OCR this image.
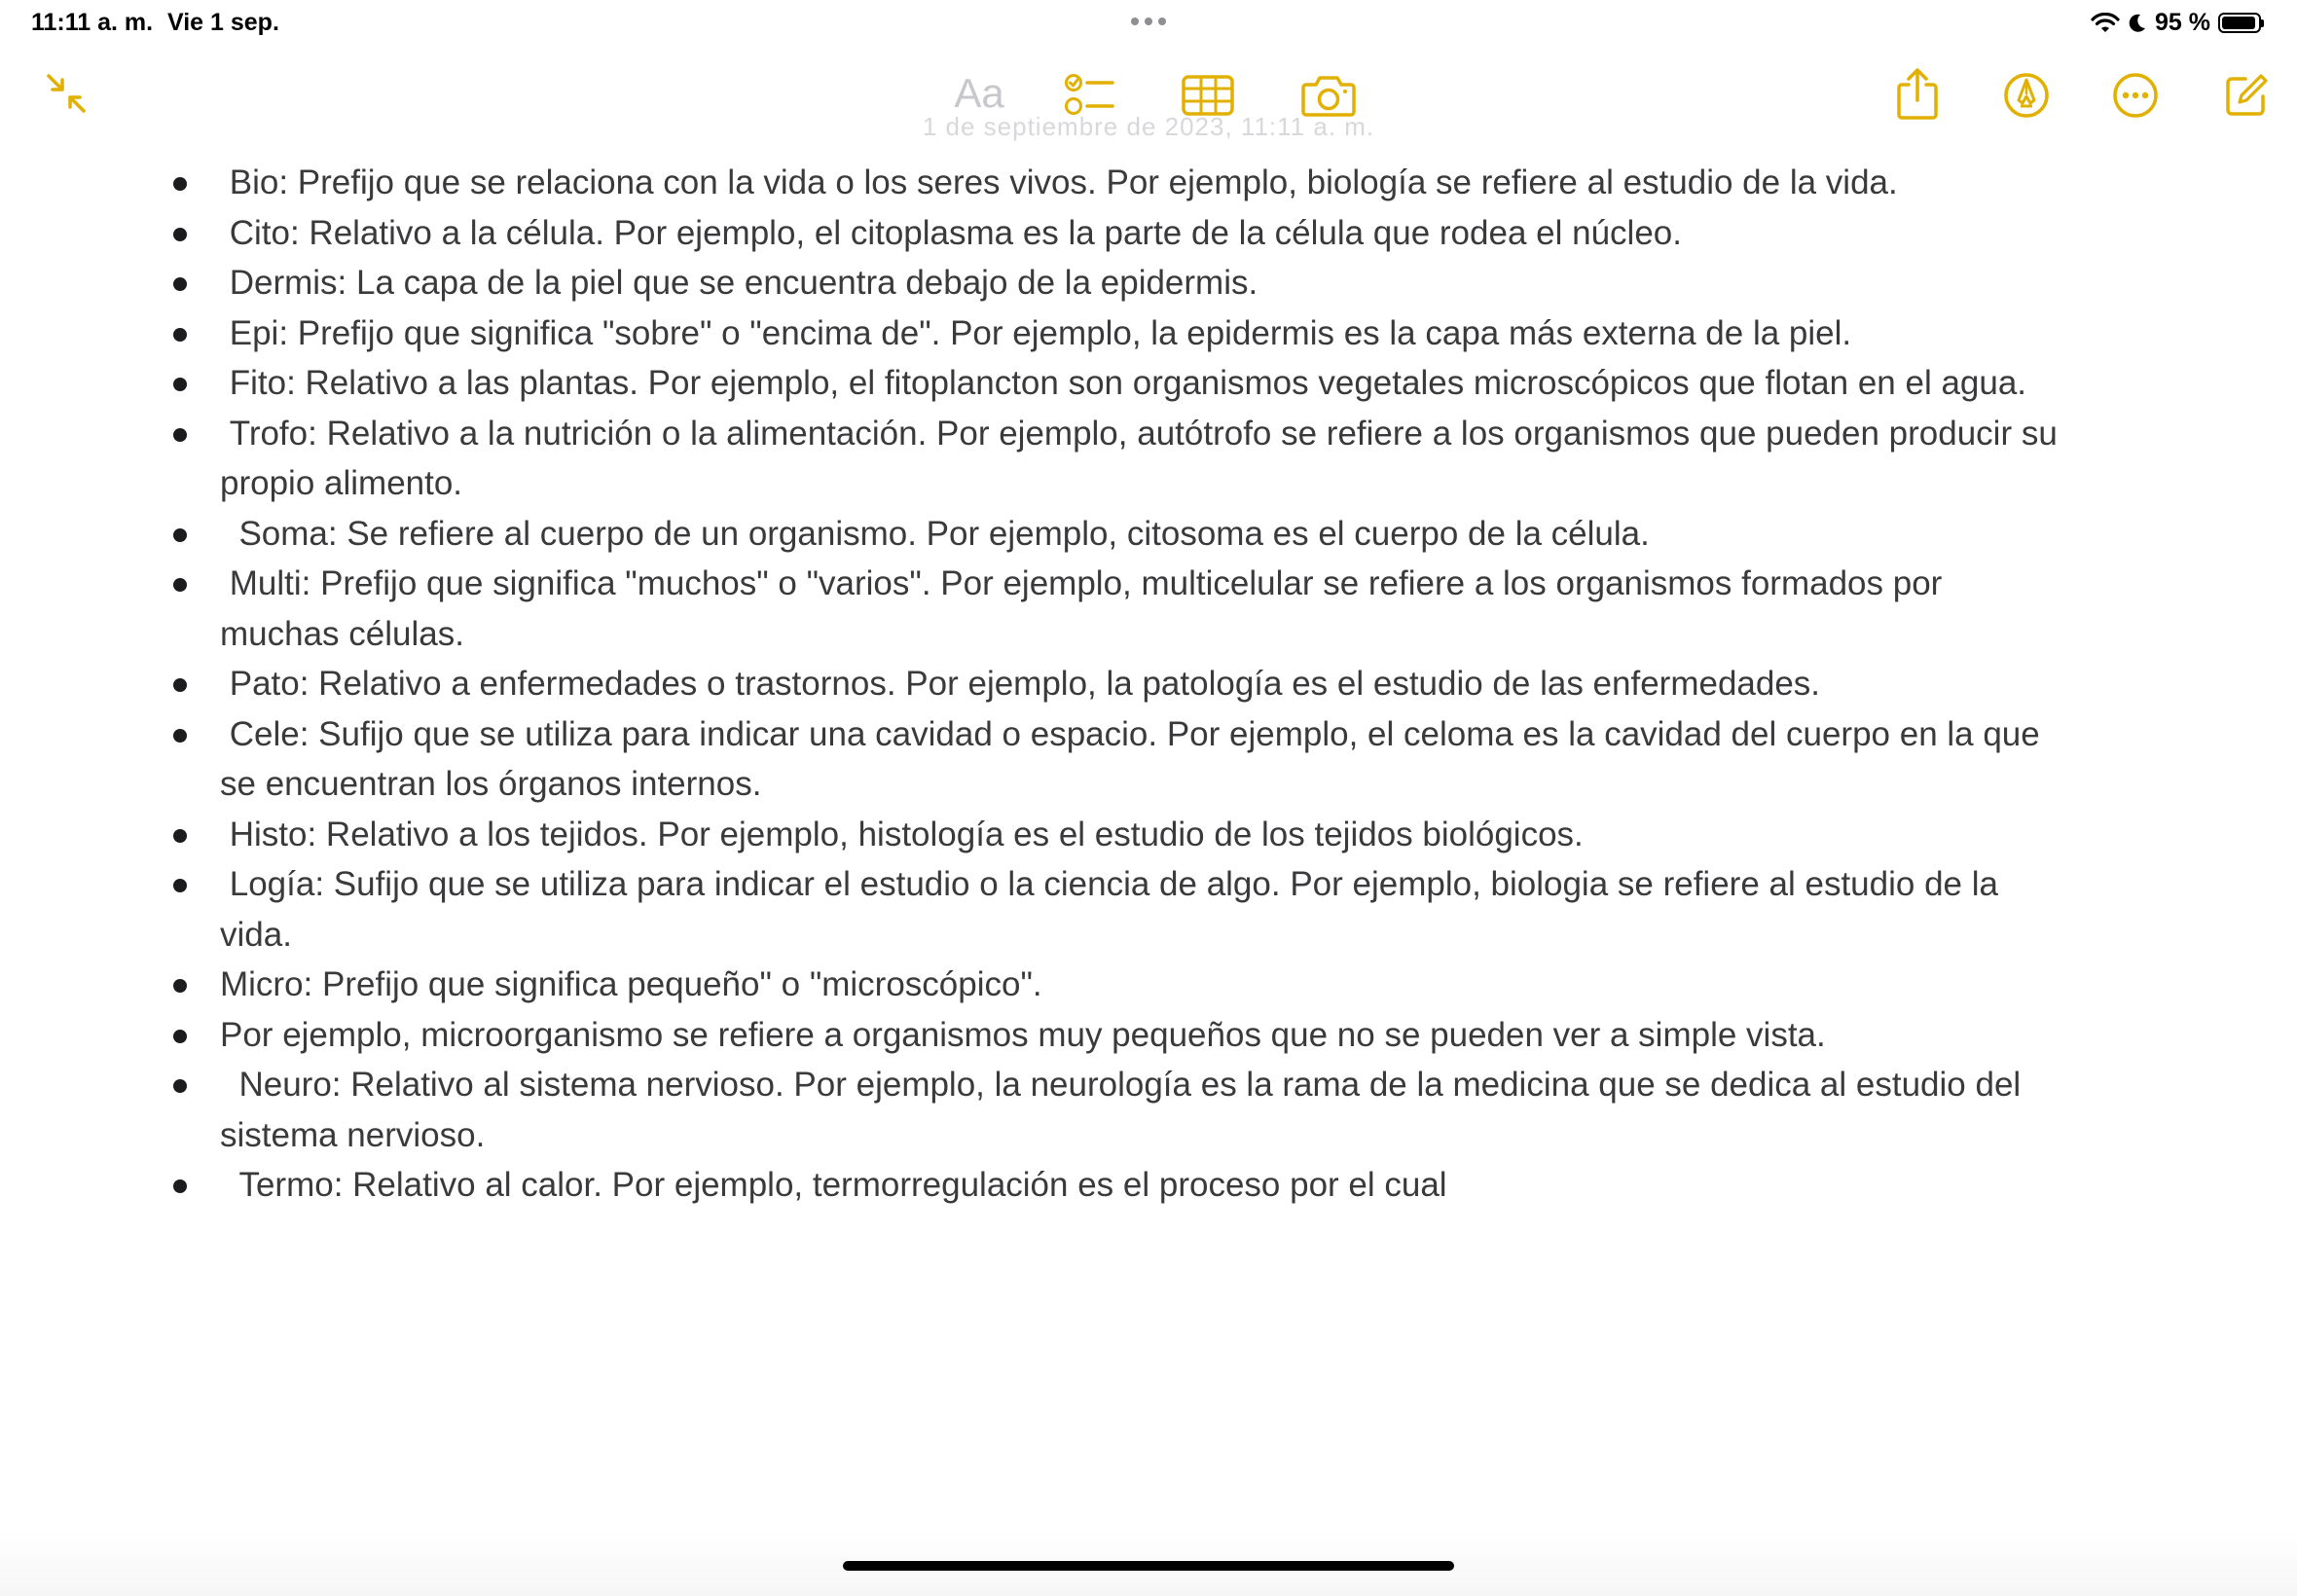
11:11 a. m. Vie 1 sep.	95 %
Aa
1 de septiembre de 2023, 11:11 a. m.
Bio: Prefijo que se relaciona con la vida o los seres vivos. Por ejemplo, biología se refiere al estudio de la vida.
Cito: Relativo a la célula. Por ejemplo, el citoplasma es la parte de la célula que rodea el núcleo.
Dermis: La capa de la piel que se encuentra debajo de la epidermis.
Epi: Prefijo que significa "sobre" o "encima de". Por ejemplo, la epidermis es la capa más externa de la piel.
Fito: Relativo a las plantas. Por ejemplo, el fitoplancton son organismos vegetales microscópicos que flotan en el agua.
Trofo: Relativo a la nutrición o la alimentación. Por ejemplo, autótrofo se refiere a los organismos que pueden producir su propio alimento.
Soma: Se refiere al cuerpo de un organismo. Por ejemplo, citosoma es el cuerpo de la célula.
Multi: Prefijo que significa "muchos" o "varios". Por ejemplo, multicelular se refiere a los organismos formados por muchas células.
Pato: Relativo a enfermedades o trastornos. Por ejemplo, la patología es el estudio de las enfermedades.
Cele: Sufijo que se utiliza para indicar una cavidad o espacio. Por ejemplo, el celoma es la cavidad del cuerpo en la que se encuentran los órganos internos.
Histo: Relativo a los tejidos. Por ejemplo, histología es el estudio de los tejidos biológicos.
Logía: Sufijo que se utiliza para indicar el estudio o la ciencia de algo. Por ejemplo, biologia se refiere al estudio de la vida.
Micro: Prefijo que significa pequeño" o "microscópico".
Por ejemplo, microorganismo se refiere a organismos muy pequeños que no se pueden ver a simple vista.
Neuro: Relativo al sistema nervioso. Por ejemplo, la neurología es la rama de la medicina que se dedica al estudio del sistema nervioso.
Termo: Relativo al calor. Por ejemplo, termorregulación es el proceso por el cual
